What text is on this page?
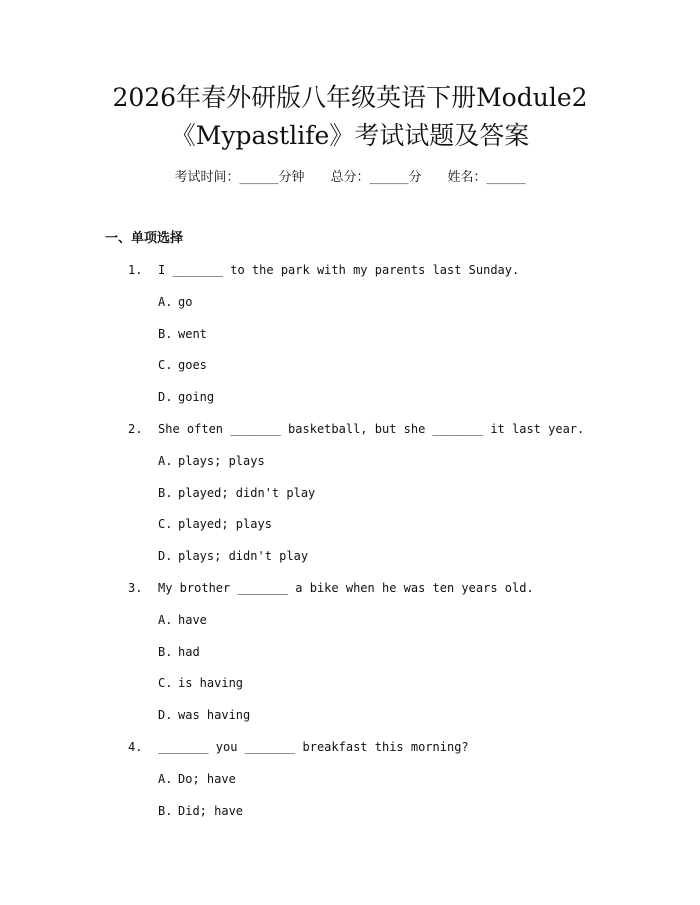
2026年春外研版八年级英语下册Module2
《Mypastlife》考试试题及答案
考试时间：______分钟 总分：______分 姓名：______
一、单项选择
1. I _______ to the park with my parents last Sunday.
A. go
B. went
C. goes
D. going
2. She often _______ basketball, but she _______ it last year.
A. plays; plays
B. played; didn't play
C. played; plays
D. plays; didn't play
3. My brother _______ a bike when he was ten years old.
A. have
B. had
C. is having
D. was having
4. _______ you _______ breakfast this morning?
A. Do; have
B. Did; have
